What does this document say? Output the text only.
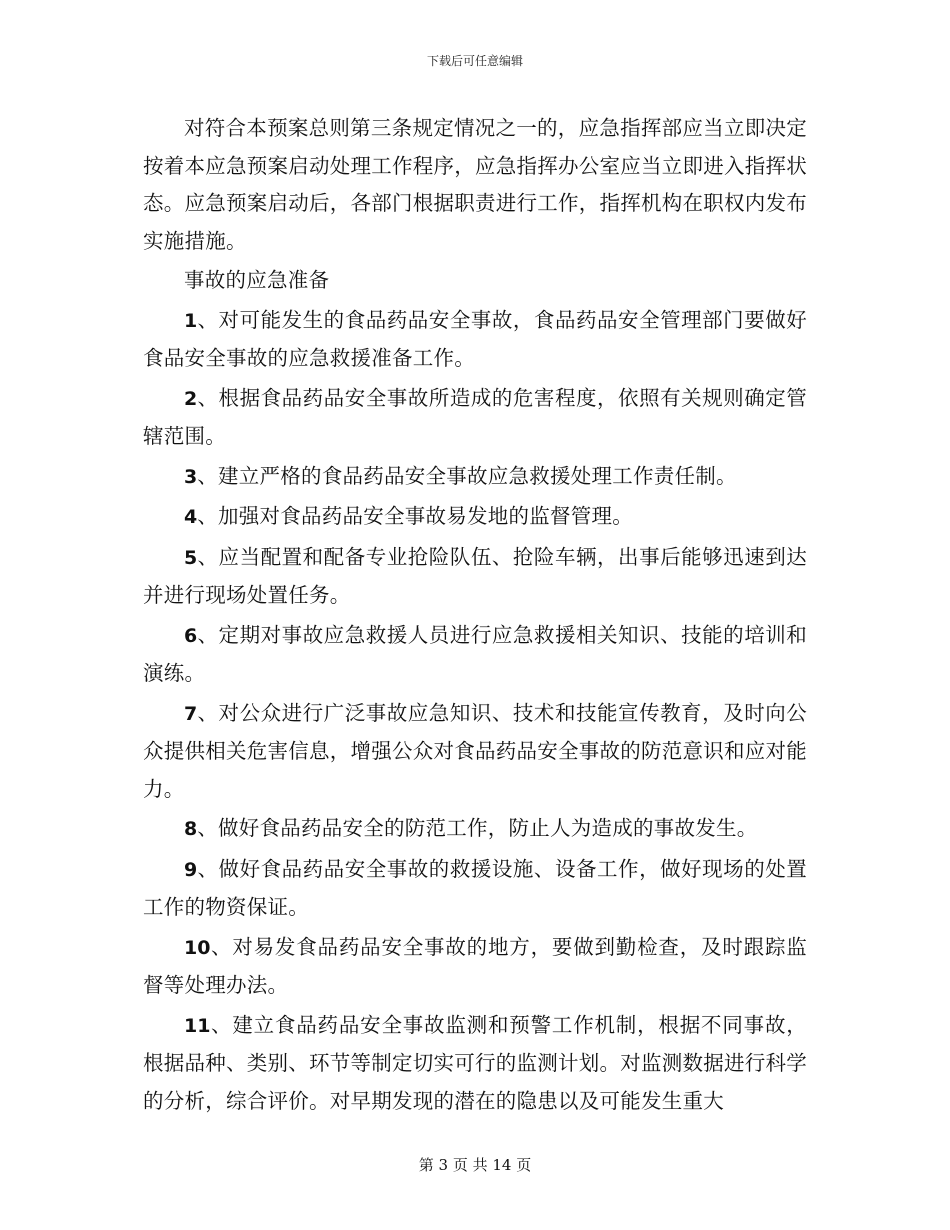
下载后可任意编辑

对符合本预案总则第三条规定情况之一的，应急指挥部应当立即决定按着本应急预案启动处理工作程序，应急指挥办公室应当立即进入指挥状态。应急预案启动后，各部门根据职责进行工作，指挥机构在职权内发布实施措施。

事故的应急准备

1、对可能发生的食品药品安全事故，食品药品安全管理部门要做好食品安全事故的应急救援准备工作。

2、根据食品药品安全事故所造成的危害程度，依照有关规则确定管辖范围。

3、建立严格的食品药品安全事故应急救援处理工作责任制。

4、加强对食品药品安全事故易发地的监督管理。

5、应当配置和配备专业抢险队伍、抢险车辆，出事后能够迅速到达并进行现场处置任务。

6、定期对事故应急救援人员进行应急救援相关知识、技能的培训和演练。

7、对公众进行广泛事故应急知识、技术和技能宣传教育，及时向公众提供相关危害信息，增强公众对食品药品安全事故的防范意识和应对能力。

8、做好食品药品安全的防范工作，防止人为造成的事故发生。

9、做好食品药品安全事故的救援设施、设备工作，做好现场的处置工作的物资保证。

10、对易发食品药品安全事故的地方，要做到勤检查，及时跟踪监督等处理办法。

11、建立食品药品安全事故监测和预警工作机制，根据不同事故，根据品种、类别、环节等制定切实可行的监测计划。对监测数据进行科学的分析，综合评价。对早期发现的潜在的隐患以及可能发生重大

第 3 页 共 14 页
